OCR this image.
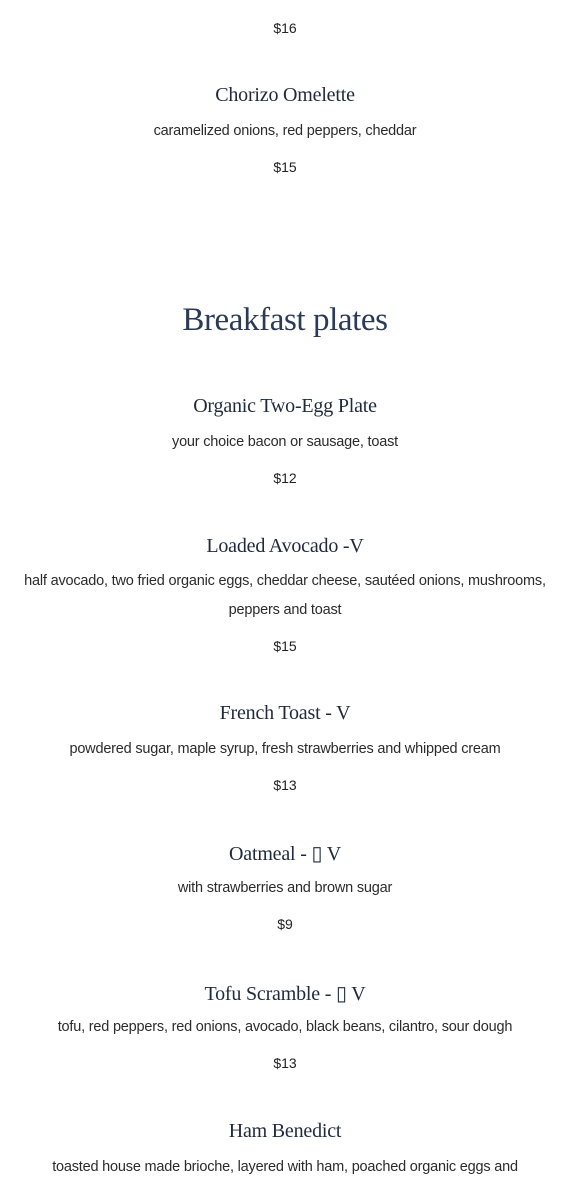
$16
Chorizo Omelette
caramelized onions, red peppers, cheddar
$15
Breakfast plates
Organic Two-Egg Plate
your choice bacon or sausage, toast
$12
Loaded Avocado -V
half avocado, two fried organic eggs, cheddar cheese, sautéed onions, mushrooms, peppers and toast
$15
French Toast - V
powdered sugar, maple syrup, fresh strawberries and whipped cream
$13
Oatmeal - ▯ V
with strawberries and brown sugar
$9
Tofu Scramble - ▯ V
tofu, red peppers, red onions, avocado, black beans, cilantro, sour dough
$13
Ham Benedict
toasted house made brioche, layered with ham, poached organic eggs and
